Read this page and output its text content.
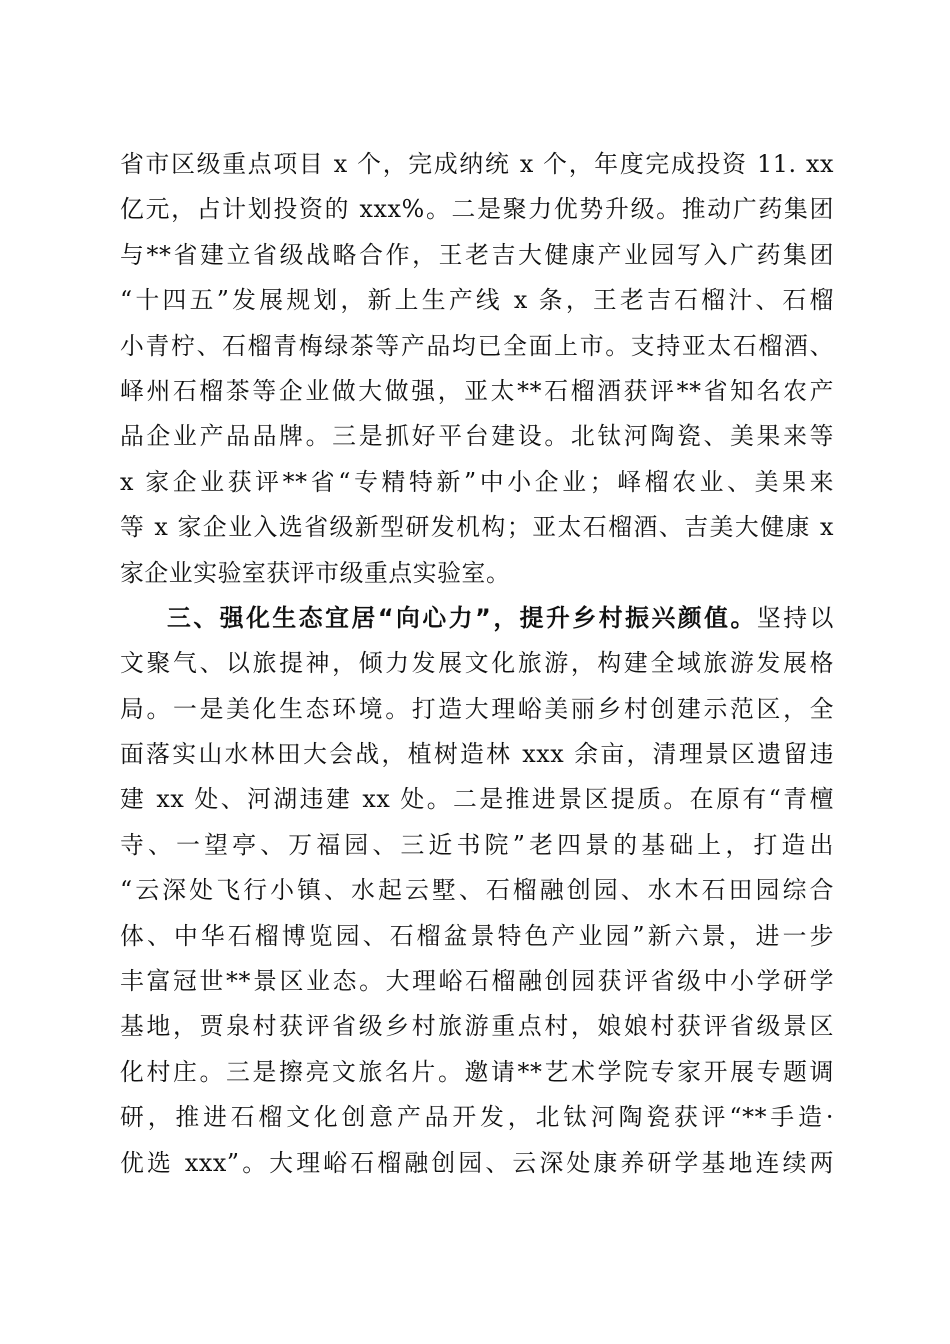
省市区级重点项目 x 个，完成纳统 x 个，年度完成投资 11. xx
亿元，占计划投资的 xxx%。二是聚力优势升级。推动广药集团
与**省建立省级战略合作，王老吉大健康产业园写入广药集团
“十四五”发展规划，新上生产线 x 条，王老吉石榴汁、石榴
小青柠、石榴青梅绿茶等产品均已全面上市。支持亚太石榴酒、
峄州石榴茶等企业做大做强，亚太**石榴酒获评**省知名农产
品企业产品品牌。三是抓好平台建设。北钛河陶瓷、美果来等
x 家企业获评**省“专精特新”中小企业；峄榴农业、美果来
等 x 家企业入选省级新型研发机构；亚太石榴酒、吉美大健康 x
家企业实验室获评市级重点实验室。
三、强化生态宜居“向心力”，提升乡村振兴颜值。坚持以
文聚气、以旅提神，倾力发展文化旅游，构建全域旅游发展格
局。一是美化生态环境。打造大理峪美丽乡村创建示范区，全
面落实山水林田大会战，植树造林 xxx 余亩，清理景区遗留违
建 xx 处、河湖违建 xx 处。二是推进景区提质。在原有“青檀
寺、一望亭、万福园、三近书院”老四景的基础上，打造出
“云深处飞行小镇、水起云墅、石榴融创园、水木石田园综合
体、中华石榴博览园、石榴盆景特色产业园”新六景，进一步
丰富冠世**景区业态。大理峪石榴融创园获评省级中小学研学
基地，贾泉村获评省级乡村旅游重点村，娘娘村获评省级景区
化村庄。三是擦亮文旅名片。邀请**艺术学院专家开展专题调
研，推进石榴文化创意产品开发，北钛河陶瓷获评“**手造·
优选 xxx”。大理峪石榴融创园、云深处康养研学基地连续两
